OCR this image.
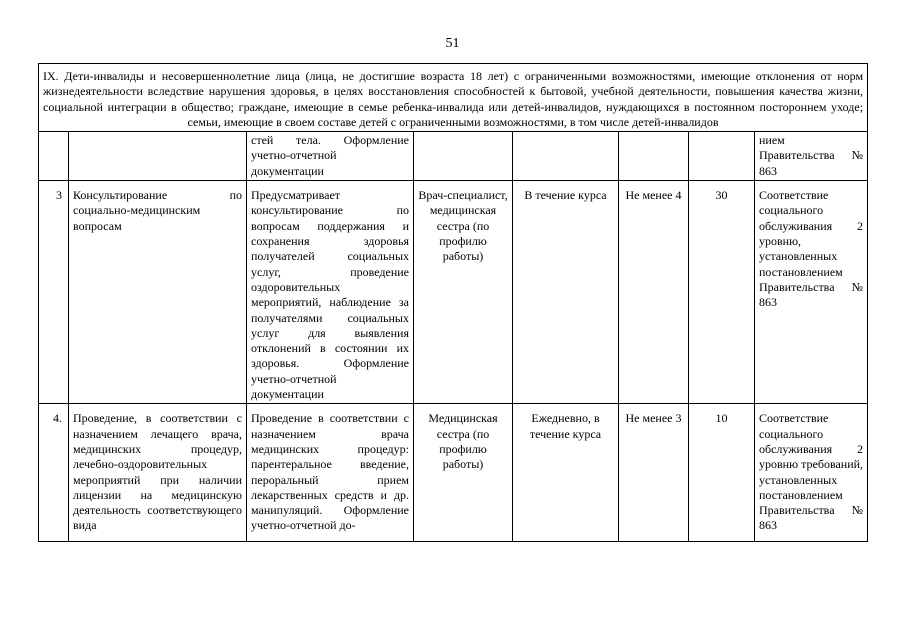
51
IX. Дети-инвалиды и несовершеннолетние лица (лица, не достигшие возраста 18 лет) с ограниченными возможностями, имеющие отклонения от норм жизнедеятельности вследствие нарушения здоровья, в целях восстановления способностей к бытовой, учебной деятельности, повышения качества жизни, социальной интеграции в общество; граждане, имеющие в семье ребенка-инвалида или детей-инвалидов, нуждающихся в постоянном постороннем уходе; семьи, имеющие в своем составе детей с ограниченными возможностями, в том числе детей-инвалидов							
		стей тела. Оформление учетно-отчетной документации					нием Правительства № 863
3	Консультирование по социально-медицинским вопросам	Предусматривает консультирование по вопросам поддержания и сохранения здоровья получателей социальных услуг, проведение оздоровительных мероприятий, наблюдение за получателями социальных услуг для выявления отклонений в состоянии их здоровья. Оформление учетно-отчетной документации	Врач-специалист, медицинская сестра (по профилю работы)	В течение курса	Не менее 4	30	Соответствие социального обслуживания 2 уровню, установленных постановлением Правительства № 863
4.	Проведение, в соответствии с назначением лечащего врача, медицинских процедур, лечебно-оздоровительных мероприятий при наличии лицензии на медицинскую деятельность соответствующего вида	Проведение в соответствии с назначением врача медицинских процедур: парентеральное введение, пероральный прием лекарственных средств и др. манипуляций. Оформление учетно-отчетной до-	Медицинская сестра (по профилю работы)	Ежедневно, в течение курса	Не менее 3	10	Соответствие социального обслуживания 2 уровню требований, установленных постановлением Правительства № 863
